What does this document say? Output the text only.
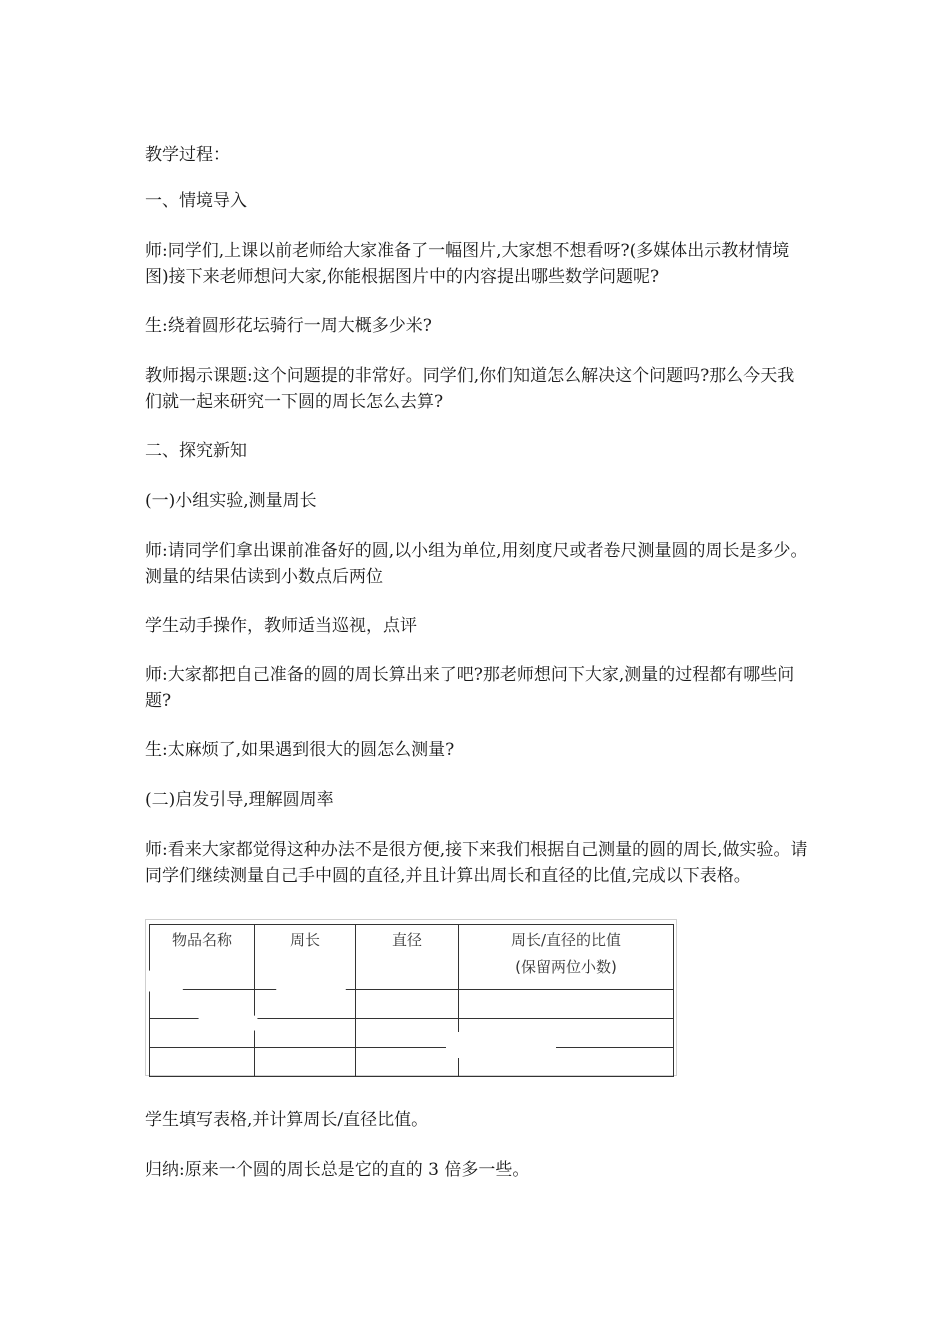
教学过程：

一、情境导入

师:同学们,上课以前老师给大家准备了一幅图片,大家想不想看呀?(多媒体出示教材情境图)接下来老师想问大家,你能根据图片中的内容提出哪些数学问题呢?

生:绕着圆形花坛骑行一周大概多少米?

教师揭示课题:这个问题提的非常好。同学们,你们知道怎么解决这个问题吗?那么今天我们就一起来研究一下圆的周长怎么去算?

二、探究新知

(一)小组实验,测量周长

师:请同学们拿出课前准备好的圆,以小组为单位,用刻度尺或者卷尺测量圆的周长是多少。测量的结果估读到小数点后两位

学生动手操作，教师适当巡视，点评

师:大家都把自己准备的圆的周长算出来了吧?那老师想问下大家,测量的过程都有哪些问题?

生:太麻烦了,如果遇到很大的圆怎么测量?

(二)启发引导,理解圆周率

师:看来大家都觉得这种办法不是很方便,接下来我们根据自己测量的圆的周长,做实验。请同学们继续测量自己手中圆的直径,并且计算出周长和直径的比值,完成以下表格。

物品名称	周长	直径	周长/直径的比值
(保留两位小数)

学生填写表格,并计算周长/直径比值。

归纳:原来一个圆的周长总是它的直的 3 倍多一些。
